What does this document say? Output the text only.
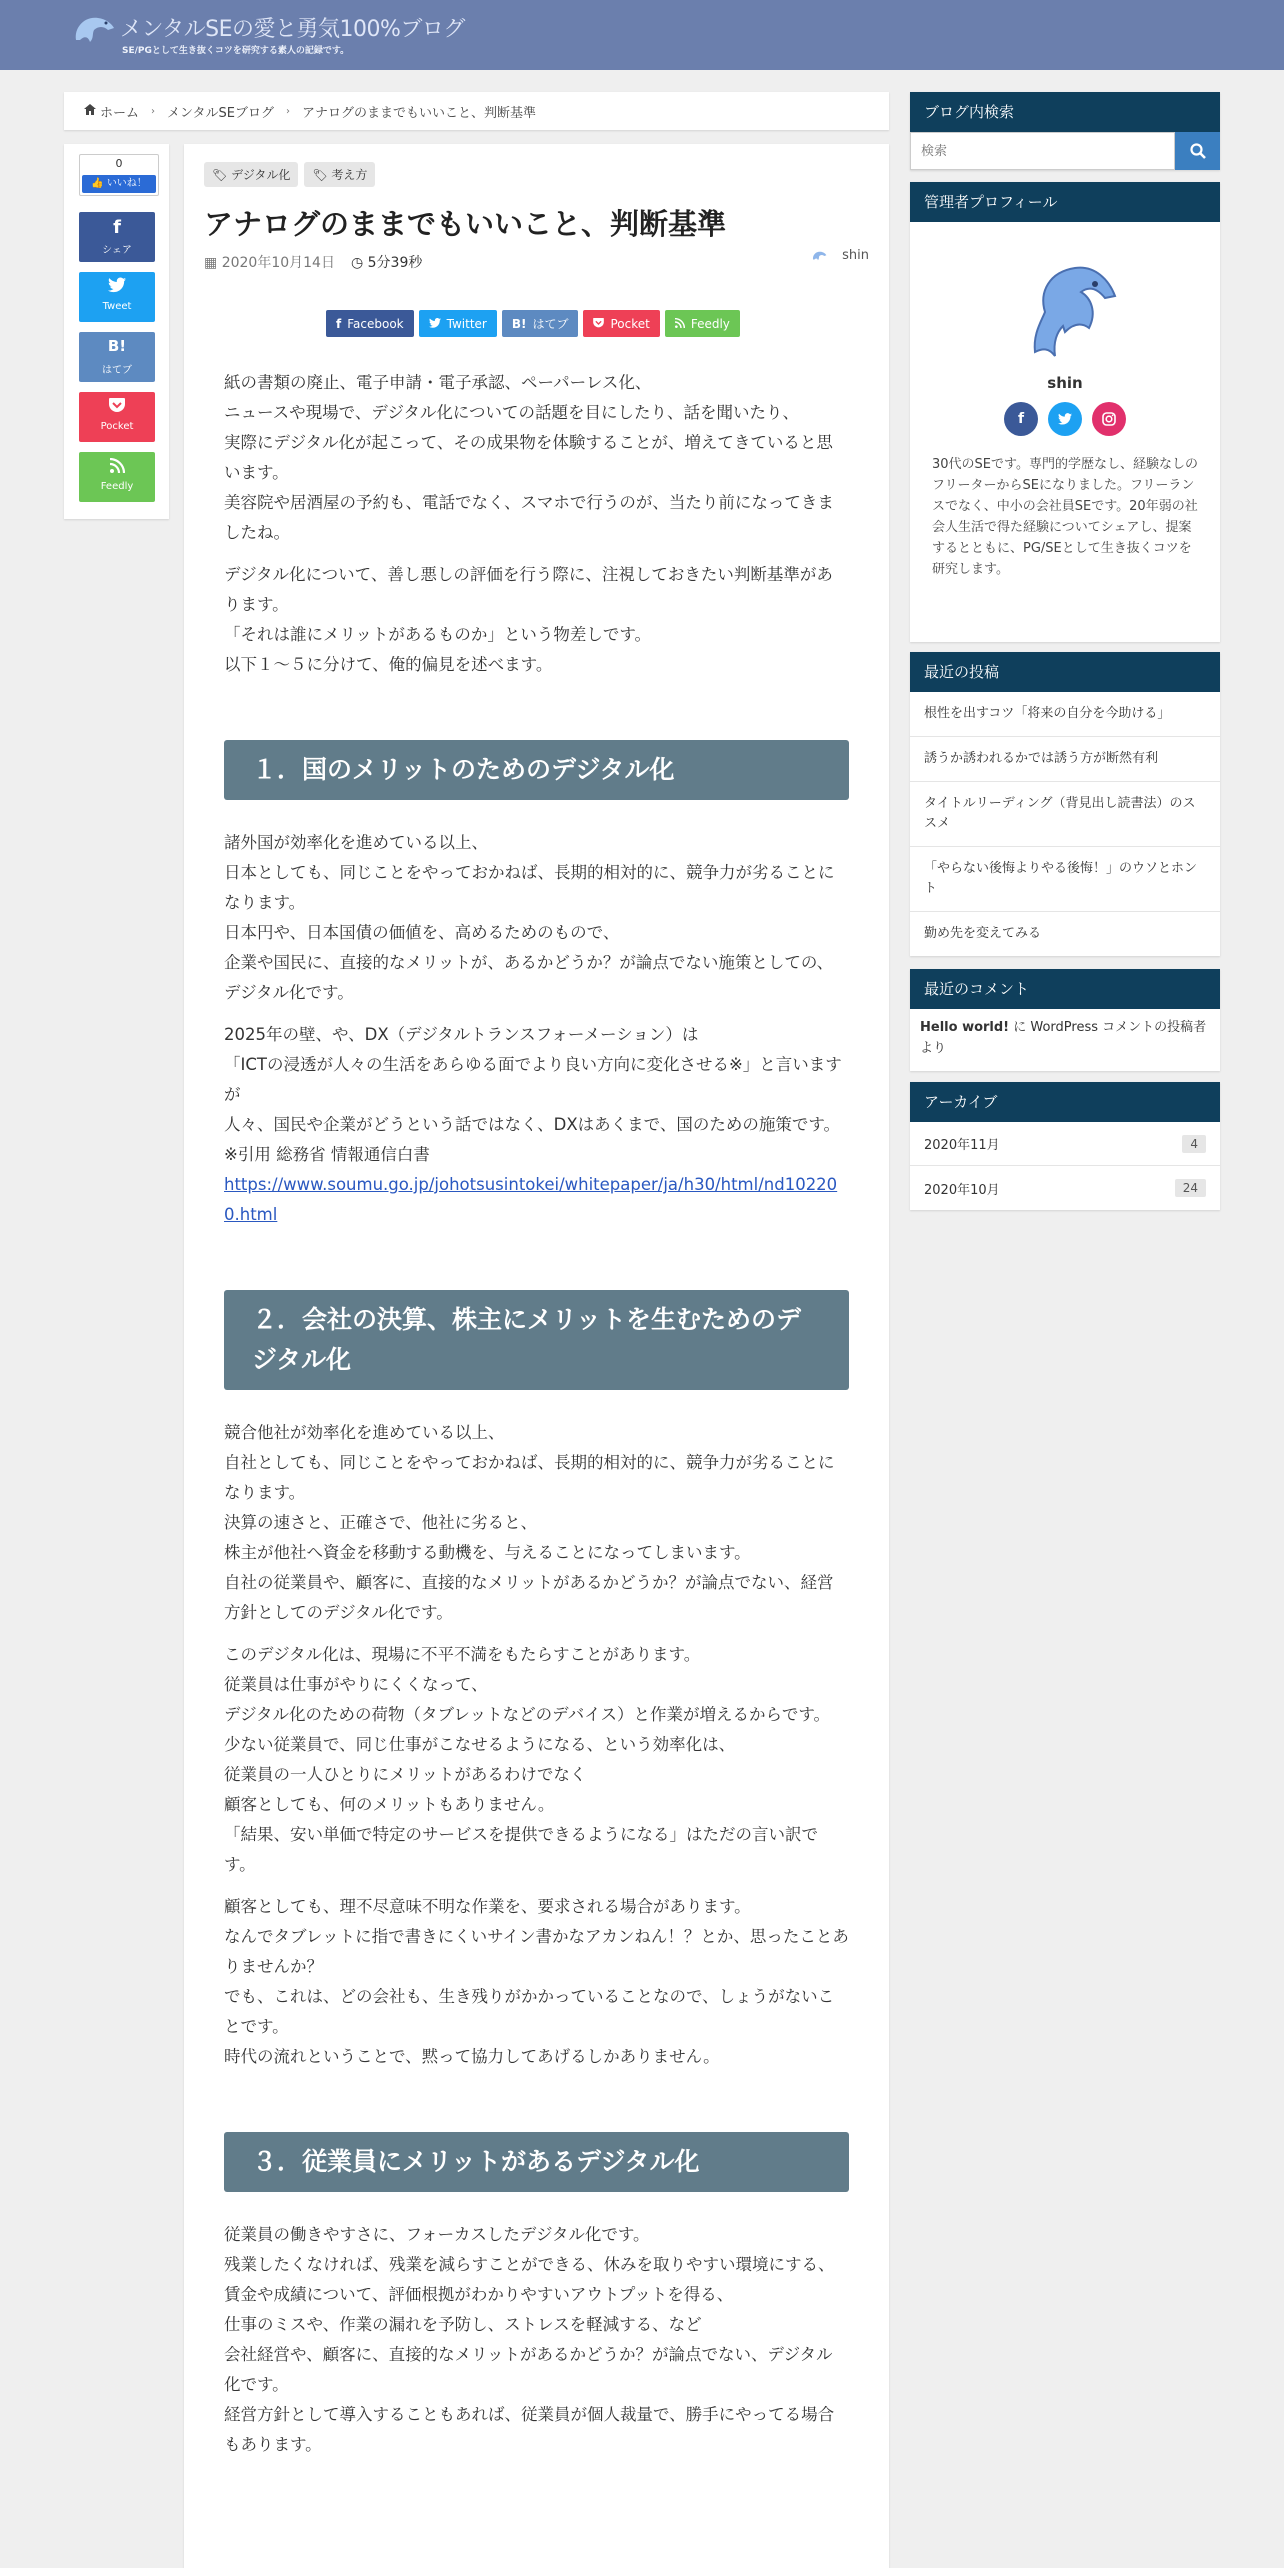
メンタルSEの愛と勇気100%ブログ
SE/PGとして生き抜くコツを研究する素人の記録です。
ホーム › メンタルSEブログ › アナログのままでもいいこと、判断基準
0
👍 いいね！
f
シェア
Tweet
B!
はてブ
Pocket
Feedly
🏷 デジタル化	🏷 考え方
アナログのままでもいいこと、判断基準
▦ 2020年10月14日 ◷ 5分39秒	shin
f Facebook	Twitter B! はてブ	Pocket	Feedly

紙の書類の廃止、電子申請・電子承認、ペーパーレス化、
ニュースや現場で、デジタル化についての話題を目にしたり、話を聞いたり、
実際にデジタル化が起こって、その成果物を体験することが、増えてきていると思います。
美容院や居酒屋の予約も、電話でなく、スマホで行うのが、当たり前になってきましたね。

デジタル化について、善し悪しの評価を行う際に、注視しておきたい判断基準があります。
「それは誰にメリットがあるものか」という物差しです。
以下１～５に分けて、俺的偏見を述べます。

１．国のメリットのためのデジタル化

諸外国が効率化を進めている以上、
日本としても、同じことをやっておかねば、長期的相対的に、競争力が劣ることになります。
日本円や、日本国債の価値を、高めるためのもので、
企業や国民に、直接的なメリットが、あるかどうか？が論点でない施策としての、デジタル化です。

2025年の壁、や、DX（デジタルトランスフォーメーション）は
「ICTの浸透が人々の生活をあらゆる面でより良い方向に変化させる※」と言いますが
人々、国民や企業がどうという話ではなく、DXはあくまで、国のための施策です。
※引用 総務省 情報通信白書
https://www.soumu.go.jp/johotsusintokei/whitepaper/ja/h30/html/nd102200.html

２．会社の決算、株主にメリットを生むためのデジタル化

競合他社が効率化を進めている以上、
自社としても、同じことをやっておかねば、長期的相対的に、競争力が劣ることになります。
決算の速さと、正確さで、他社に劣ると、
株主が他社へ資金を移動する動機を、与えることになってしまいます。
自社の従業員や、顧客に、直接的なメリットがあるかどうか？が論点でない、経営方針としてのデジタル化です。

このデジタル化は、現場に不平不満をもたらすことがあります。
従業員は仕事がやりにくくなって、
デジタル化のための荷物（タブレットなどのデバイス）と作業が増えるからです。
少ない従業員で、同じ仕事がこなせるようになる、という効率化は、
従業員の一人ひとりにメリットがあるわけでなく
顧客としても、何のメリットもありません。
「結果、安い単価で特定のサービスを提供できるようになる」はただの言い訳です。

顧客としても、理不尽意味不明な作業を、要求される場合があります。
なんでタブレットに指で書きにくいサイン書かなアカンねん！？とか、思ったことありませんか？
でも、これは、どの会社も、生き残りがかかっていることなので、しょうがないことです。
時代の流れということで、黙って協力してあげるしかありません。

３．従業員にメリットがあるデジタル化

従業員の働きやすさに、フォーカスしたデジタル化です。
残業したくなければ、残業を減らすことができる、休みを取りやすい環境にする、
賃金や成績について、評価根拠がわかりやすいアウトプットを得る、
仕事のミスや、作業の漏れを予防し、ストレスを軽減する、など
会社経営や、顧客に、直接的なメリットがあるかどうか？が論点でない、デジタル化です。
経営方針として導入することもあれば、従業員が個人裁量で、勝手にやってる場合もあります。

ブログ内検索
検索
管理者プロフィール
shin
f
30代のSEです。専門的学歴なし、経験なしのフリーターからSEになりました。フリーランスでなく、中小の会社員SEです。20年弱の社会人生活で得た経験についてシェアし、提案するとともに、PG/SEとして生き抜くコツを研究します。
最近の投稿
根性を出すコツ「将来の自分を今助ける」
誘うか誘われるかでは誘う方が断然有利
タイトルリーディング（背見出し読書法）のススメ
「やらない後悔よりやる後悔！」のウソとホント
勤め先を変えてみる
最近のコメント
Hello world! に WordPress コメントの投稿者 より
アーカイブ
2020年11月	4
2020年10月	24
